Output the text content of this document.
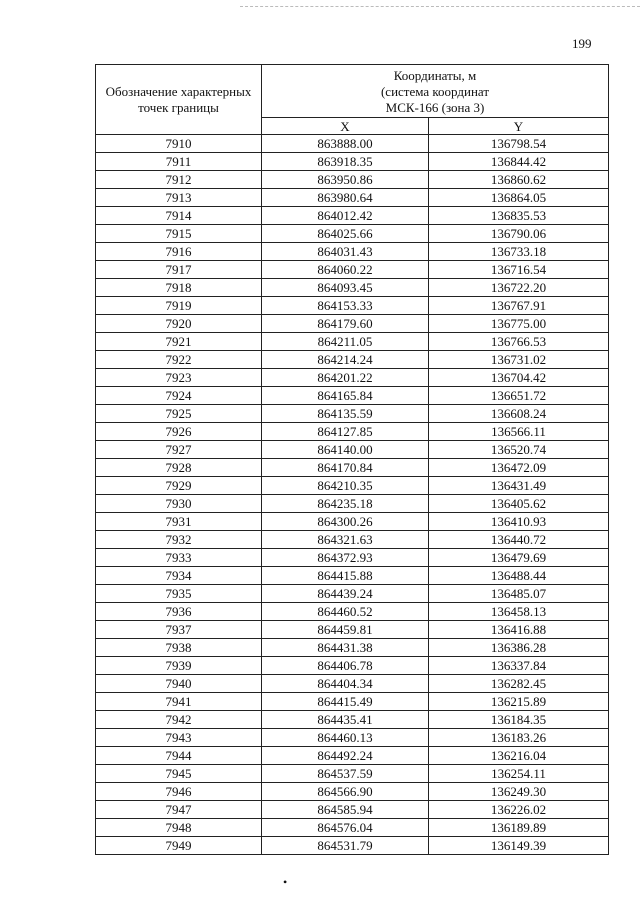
199
Обозначение характерных точек границы	Координаты, м
(система координат
МСК-166 (зона 3)	

	X	Y
7910	863888.00	136798.54
7911	863918.35	136844.42
7912	863950.86	136860.62
7913	863980.64	136864.05
7914	864012.42	136835.53
7915	864025.66	136790.06
7916	864031.43	136733.18
7917	864060.22	136716.54
7918	864093.45	136722.20
7919	864153.33	136767.91
7920	864179.60	136775.00
7921	864211.05	136766.53
7922	864214.24	136731.02
7923	864201.22	136704.42
7924	864165.84	136651.72
7925	864135.59	136608.24
7926	864127.85	136566.11
7927	864140.00	136520.74
7928	864170.84	136472.09
7929	864210.35	136431.49
7930	864235.18	136405.62
7931	864300.26	136410.93
7932	864321.63	136440.72
7933	864372.93	136479.69
7934	864415.88	136488.44
7935	864439.24	136485.07
7936	864460.52	136458.13
7937	864459.81	136416.88
7938	864431.38	136386.28
7939	864406.78	136337.84
7940	864404.34	136282.45
7941	864415.49	136215.89
7942	864435.41	136184.35
7943	864460.13	136183.26
7944	864492.24	136216.04
7945	864537.59	136254.11
7946	864566.90	136249.30
7947	864585.94	136226.02
7948	864576.04	136189.89
7949	864531.79	136149.39
•
